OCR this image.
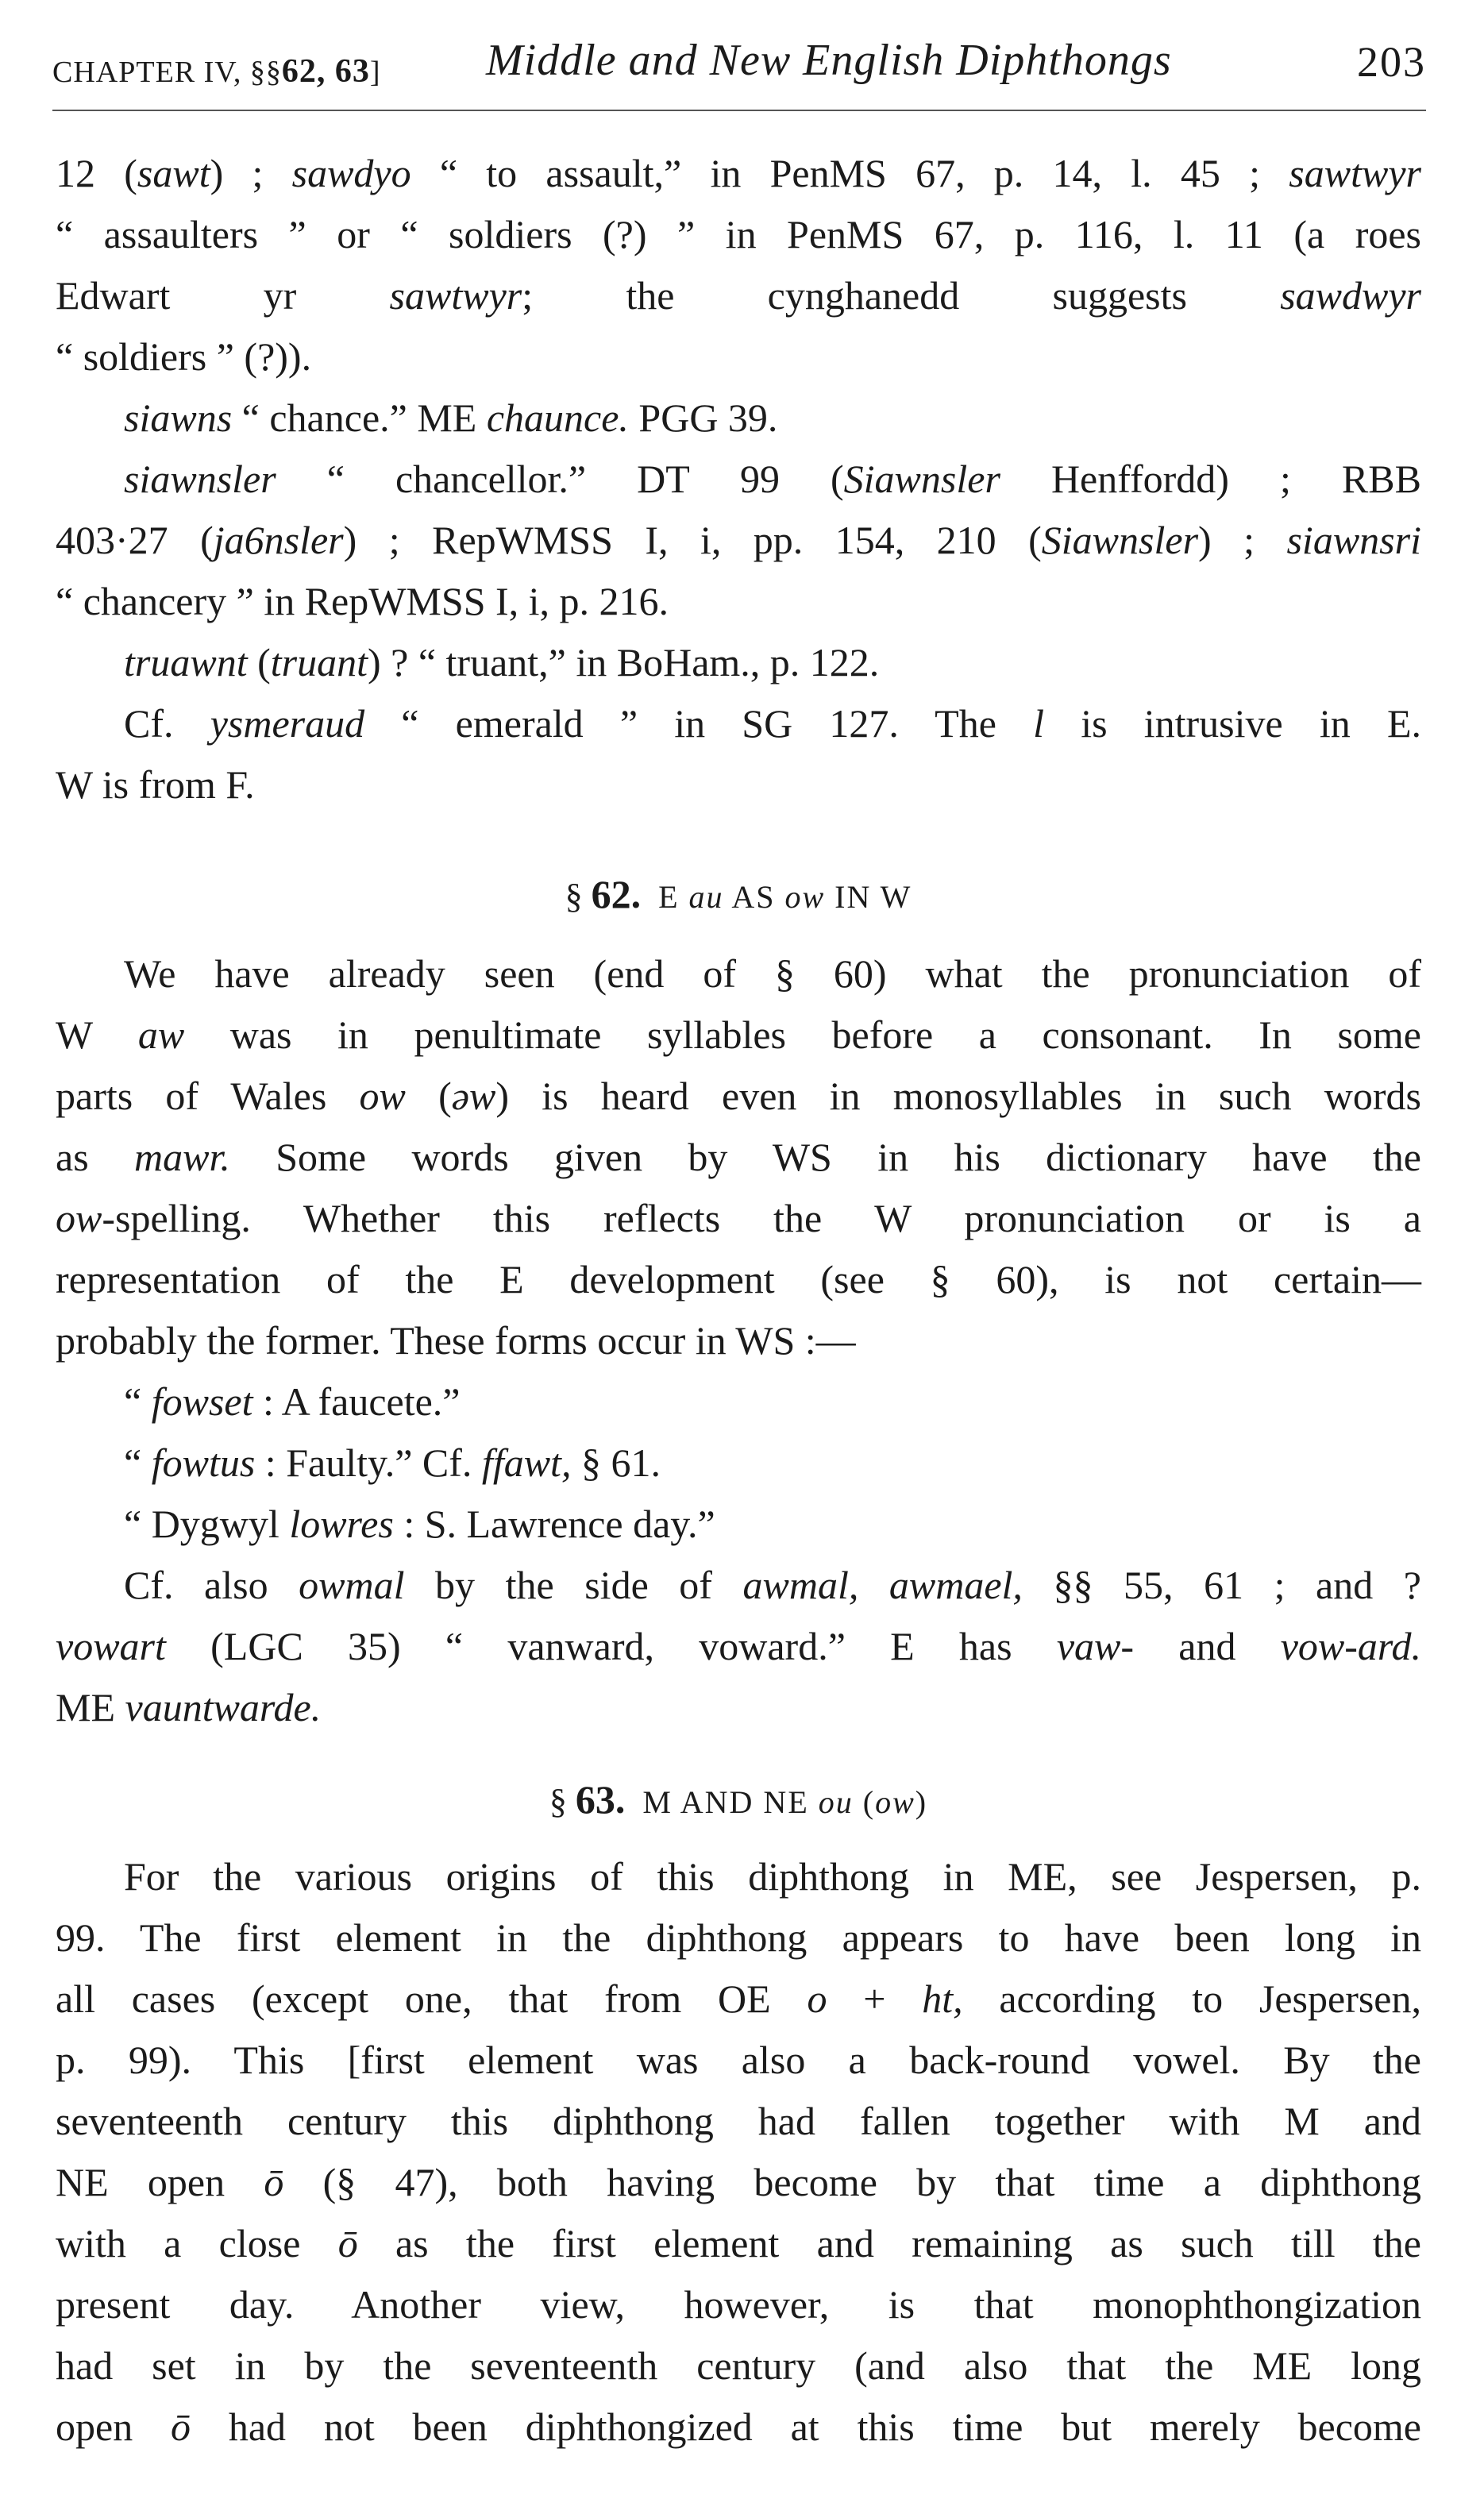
CHAPTER IV, §§62, 63] Middle and New English Diphthongs	203
12 (sawt) ; sawdyo “ to assault,” in PenMS 67, p. 14, l. 45 ; sawtwyr
“ assaulters ” or “ soldiers (?) ” in PenMS 67, p. 116, l. 11 (a roes
Edwart yr sawtwyr; the cynghanedd suggests sawdwyr
“ soldiers ” (?)).
siawns “ chance.” ME chaunce. PGG 39.
siawnsler “ chancellor.” DT 99 (Siawnsler Henffordd) ; RBB
403·27 (ja6nsler) ; RepWMSS I, i, pp. 154, 210 (Siawnsler) ; siawnsri
“ chancery ” in RepWMSS I, i, p. 216.
truawnt (truant) ? “ truant,” in BoHam., p. 122.
Cf. ysmeraud “ emerald ” in SG 127. The l is intrusive in E.
W is from F.
§ 62. E au AS ow IN W
We have already seen (end of § 60) what the pronunciation of
W aw was in penultimate syllables before a consonant. In some
parts of Wales ow (əw) is heard even in monosyllables in such words
as mawr. Some words given by WS in his dictionary have the
ow-spelling. Whether this reflects the W pronunciation or is a
representation of the E development (see § 60), is not certain—
probably the former. These forms occur in WS :—
“ fowset : A faucete.”
“ fowtus : Faulty.” Cf. ffawt, § 61.
“ Dygwyl lowres : S. Lawrence day.”
Cf. also owmal by the side of awmal, awmael, §§ 55, 61 ; and ?
vowart (LGC 35) “ vanward, voward.” E has vaw- and vow-ard.
ME vauntwarde.
§ 63. M AND NE ou (ow)
For the various origins of this diphthong in ME, see Jespersen, p.
99. The first element in the diphthong appears to have been long in
all cases (except one, that from OE o + ht, according to Jespersen,
p. 99). This [first element was also a back-round vowel. By the
seventeenth century this diphthong had fallen together with M and
NE open ō (§ 47), both having become by that time a diphthong
with a close ō as the first element and remaining as such till the
present day. Another view, however, is that monophthongization
had set in by the seventeenth century (and also that the ME long
open ō had not been diphthongized at this time but merely become
